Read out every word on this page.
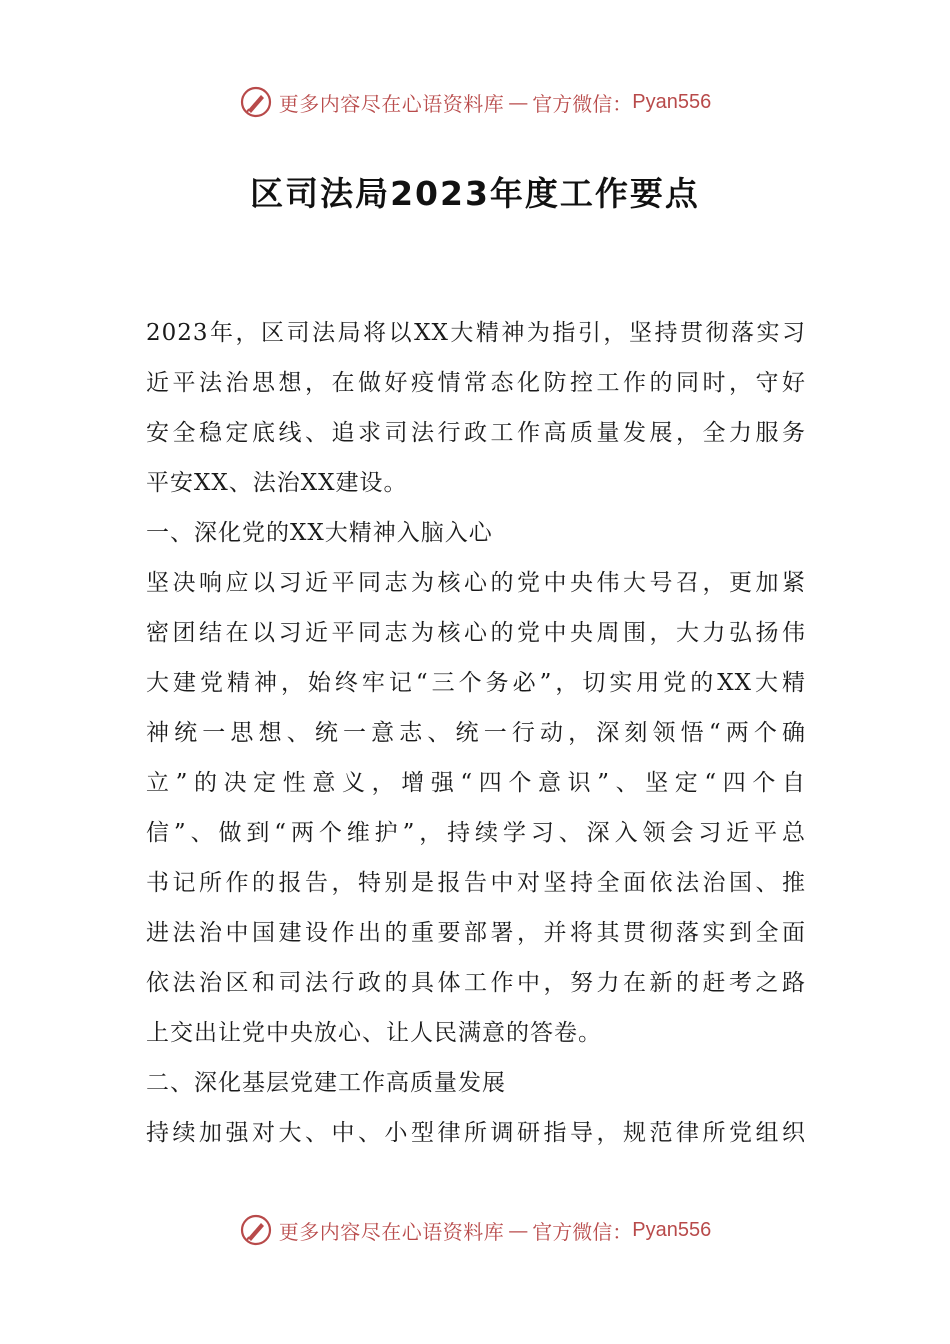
更多内容尽在心语资料库 — 官方微信： Pyan556
区司法局2023年度工作要点
2023年，区司法局将以XX大精神为指引，坚持贯彻落实习
近平法治思想，在做好疫情常态化防控工作的同时，守好
安全稳定底线、追求司法行政工作高质量发展，全力服务
平安XX、法治XX建设。
一、深化党的XX大精神入脑入心
坚决响应以习近平同志为核心的党中央伟大号召，更加紧
密团结在以习近平同志为核心的党中央周围，大力弘扬伟
大建党精神，始终牢记“三个务必”，切实用党的XX大精
神统一思想、统一意志、统一行动，深刻领悟“两个确
立”的决定性意义，增强“四个意识”、坚定“四个自
信”、做到“两个维护”，持续学习、深入领会习近平总
书记所作的报告，特别是报告中对坚持全面依法治国、推
进法治中国建设作出的重要部署，并将其贯彻落实到全面
依法治区和司法行政的具体工作中，努力在新的赶考之路
上交出让党中央放心、让人民满意的答卷。
二、深化基层党建工作高质量发展
持续加强对大、中、小型律所调研指导，规范律所党组织
更多内容尽在心语资料库 — 官方微信： Pyan556
